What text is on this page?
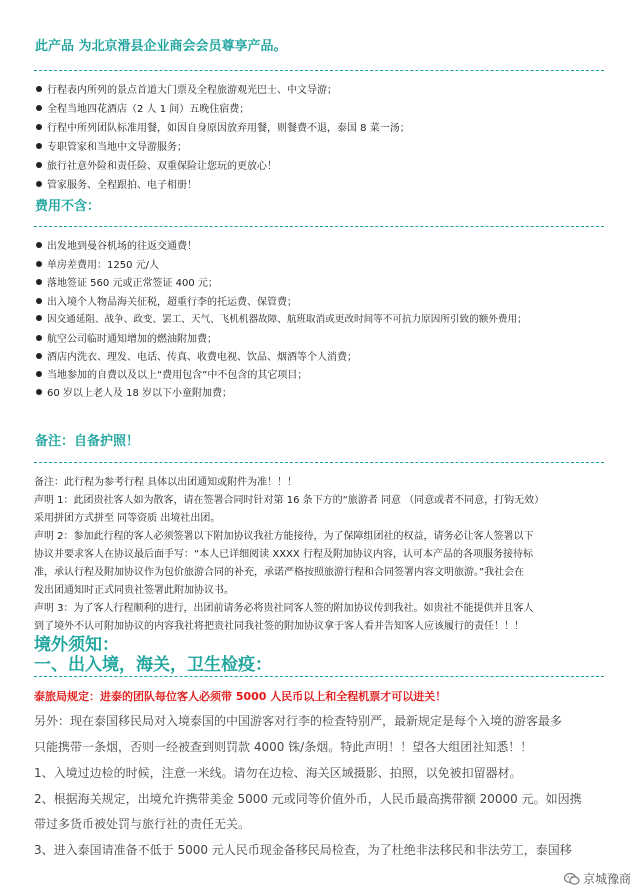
此产品 为北京滑县企业商会会员尊享产品。
行程表内所列的景点首道大门票及全程旅游观光巴士、中文导游；
全程当地四花酒店（2 人 1 间）五晚住宿费；
行程中所列团队标准用餐，如因自身原因放弃用餐，则餐费不退，泰国 8 菜一汤；
专职管家和当地中文导游服务；
旅行社意外险和责任险、双重保险让您玩的更放心！
管家服务、全程跟拍、电子相册！
费用不含：
出发地到曼谷机场的往返交通费！
单房差费用：1250 元/人
落地签证 560 元或正常签证 400 元；
出入境个人物品海关征税，超重行李的托运费、保管费；
因交通延阻、战争、政变、罢工、天气、飞机机器故障、航班取消或更改时间等不可抗力原因所引致的额外费用；
航空公司临时通知增加的燃油附加费；
酒店内洗衣、理发、电话、传真、收费电视、饮品、烟酒等个人消费；
当地参加的自费以及以上“费用包含”中不包含的其它项目；
60 岁以上老人及 18 岁以下小童附加费；
备注：自备护照！
备注：此行程为参考行程 具体以出团通知或附件为准！！！
声明 1：此团贵社客人如为散客，请在签署合同时针对第 16 条下方的“旅游者 同意 （同意或者不同意，打钩无效）
采用拼团方式拼至 同等资质 出境社出团。
声明 2：参加此行程的客人必须签署以下附加协议我社方能接待，为了保障组团社的权益，请务必让客人签署以下
协议并要求客人在协议最后面手写：“本人已详细阅读 XXXX 行程及附加协议内容，认可本产品的各项服务接待标
准，承认行程及附加协议作为包价旅游合同的补充，承诺严格按照旅游行程和合同签署内容文明旅游。”我社会在
发出团通知时正式同贵社签署此附加协议书。
声明 3：为了客人行程顺利的进行，出团前请务必将贵社同客人签的附加协议传到我社。如贵社不能提供并且客人
到了境外不认可附加协议的内容我社将把贵社同我社签的附加协议拿于客人看并告知客人应该履行的责任！！！
境外须知：
一、出入境，海关，卫生检疫：
泰旅局规定：进泰的团队每位客人必须带 5000 人民币以上和全程机票才可以进关！
另外：现在泰国移民局对入境泰国的中国游客对行李的检查特别严，最新规定是每个入境的游客最多
只能携带一条烟，否则一经被查到则罚款 4000 铢/条烟。特此声明！！望各大组团社知悉！！
1、入境过边检的时候，注意一米线。请勿在边检、海关区域摄影、拍照，以免被扣留器材。
2、根据海关规定，出境允许携带美金 5000 元或同等价值外币，人民币最高携带额 20000 元。如因携
带过多货币被处罚与旅行社的责任无关。
3、进入泰国请准备不低于 5000 元人民币现金备移民局检查，为了杜绝非法移民和非法劳工，泰国移
京城豫商
